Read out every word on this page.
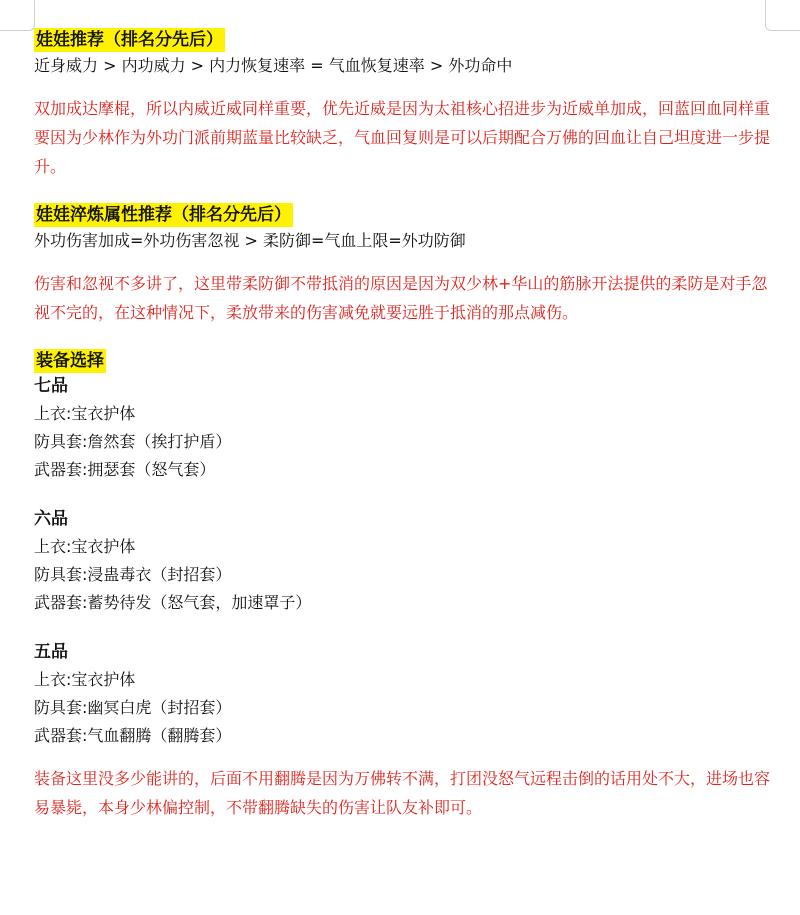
娃娃推荐（排名分先后）
近身威力 > 内功威力 > 内力恢复速率 = 气血恢复速率 > 外功命中
双加成达摩棍，所以内威近威同样重要，优先近威是因为太祖核心招进步为近威单加成，回蓝回血同样重要因为少林作为外功门派前期蓝量比较缺乏，气血回复则是可以后期配合万佛的回血让自己坦度进一步提升。
娃娃淬炼属性推荐（排名分先后）
外功伤害加成=外功伤害忽视 > 柔防御=气血上限=外功防御
伤害和忽视不多讲了，这里带柔防御不带抵消的原因是因为双少林+华山的筋脉开法提供的柔防是对手忽视不完的，在这种情况下，柔放带来的伤害减免就要远胜于抵消的那点减伤。
装备选择
七品
上衣:宝衣护体
防具套:詹然套（挨打护盾）
武器套:拥瑟套（怒气套）
六品
上衣:宝衣护体
防具套:浸蛊毒衣（封招套）
武器套:蓄势待发（怒气套，加速罩子）
五品
上衣:宝衣护体
防具套:幽冥白虎（封招套）
武器套:气血翻腾（翻腾套）
装备这里没多少能讲的，后面不用翻腾是因为万佛转不满，打团没怒气远程击倒的话用处不大，进场也容易暴毙，本身少林偏控制，不带翻腾缺失的伤害让队友补即可。
